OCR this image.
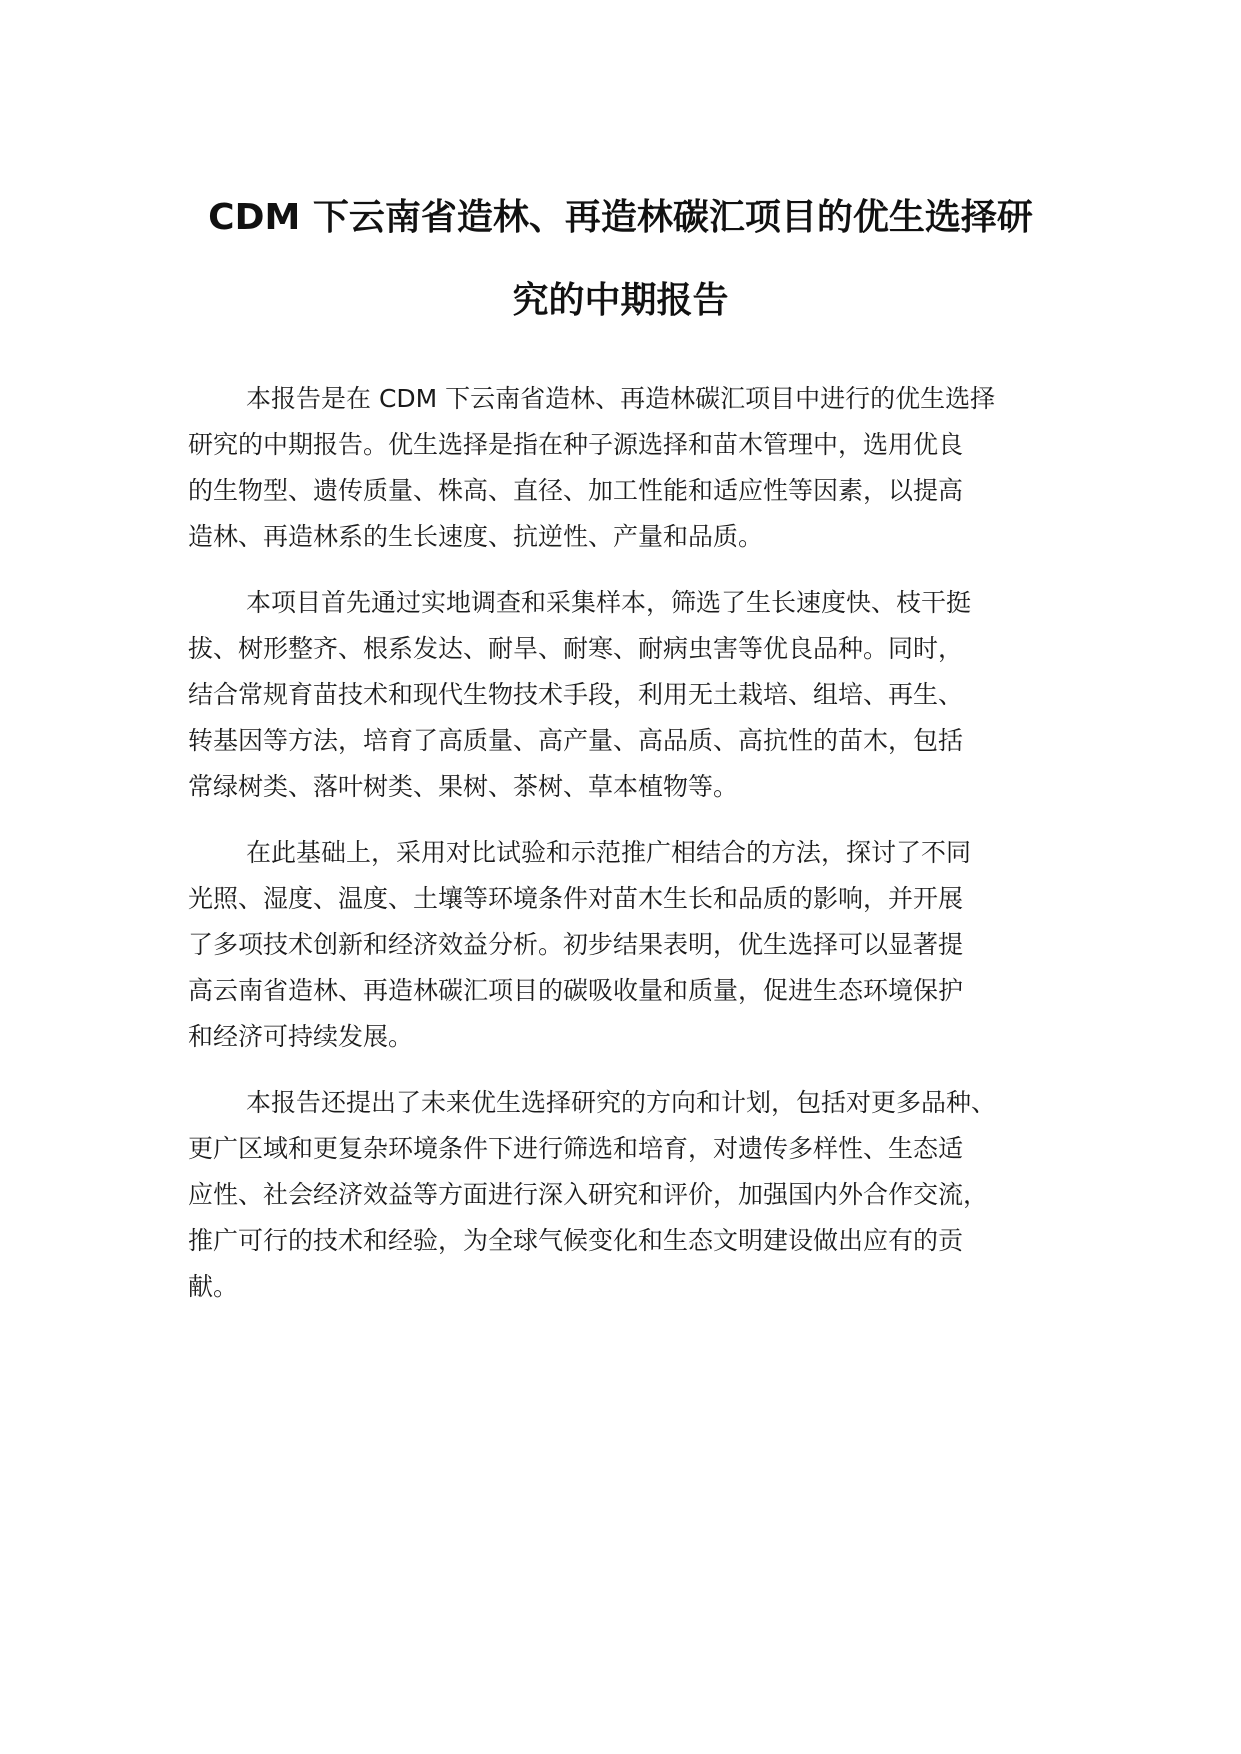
CDM 下云南省造林、再造林碳汇项目的优生选择研
究的中期报告

本报告是在 CDM 下云南省造林、再造林碳汇项目中进行的优生选择
研究的中期报告。优生选择是指在种子源选择和苗木管理中，选用优良
的生物型、遗传质量、株高、直径、加工性能和适应性等因素，以提高
造林、再造林系的生长速度、抗逆性、产量和品质。

本项目首先通过实地调查和采集样本，筛选了生长速度快、枝干挺
拔、树形整齐、根系发达、耐旱、耐寒、耐病虫害等优良品种。同时，
结合常规育苗技术和现代生物技术手段，利用无土栽培、组培、再生、
转基因等方法，培育了高质量、高产量、高品质、高抗性的苗木，包括
常绿树类、落叶树类、果树、茶树、草本植物等。

在此基础上，采用对比试验和示范推广相结合的方法，探讨了不同
光照、湿度、温度、土壤等环境条件对苗木生长和品质的影响，并开展
了多项技术创新和经济效益分析。初步结果表明，优生选择可以显著提
高云南省造林、再造林碳汇项目的碳吸收量和质量，促进生态环境保护
和经济可持续发展。

本报告还提出了未来优生选择研究的方向和计划，包括对更多品种、
更广区域和更复杂环境条件下进行筛选和培育，对遗传多样性、生态适
应性、社会经济效益等方面进行深入研究和评价，加强国内外合作交流，
推广可行的技术和经验，为全球气候变化和生态文明建设做出应有的贡
献。
